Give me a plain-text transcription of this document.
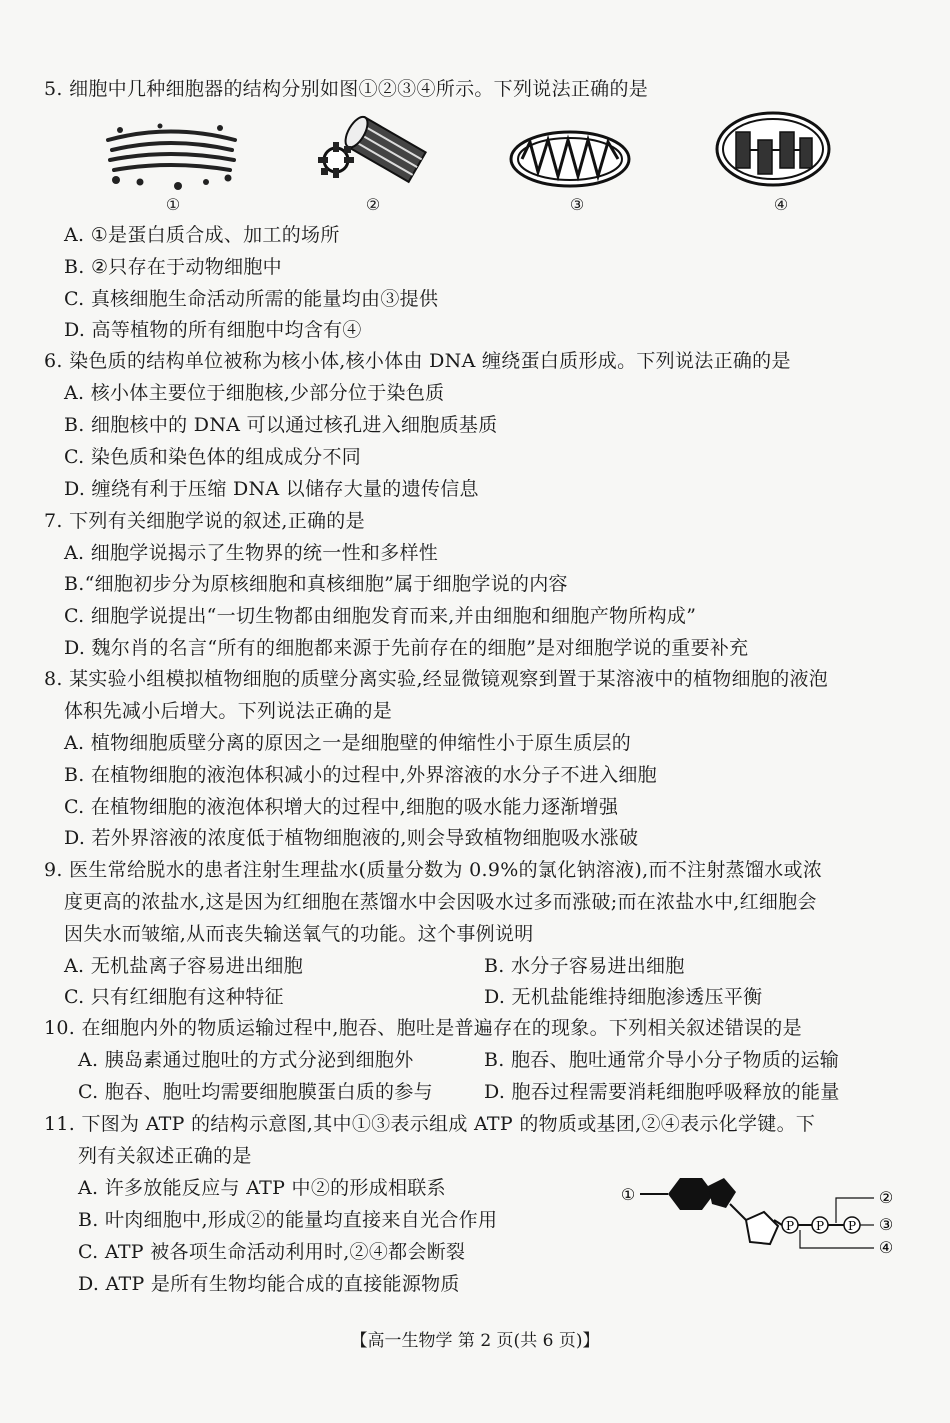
5. 细胞中几种细胞器的结构分别如图①②③④所示。下列说法正确的是
①	②	③	④
A. ①是蛋白质合成、加工的场所
B. ②只存在于动物细胞中
C. 真核细胞生命活动所需的能量均由③提供
D. 高等植物的所有细胞中均含有④
6. 染色质的结构单位被称为核小体,核小体由 DNA 缠绕蛋白质形成。下列说法正确的是
A. 核小体主要位于细胞核,少部分位于染色质
B. 细胞核中的 DNA 可以通过核孔进入细胞质基质
C. 染色质和染色体的组成成分不同
D. 缠绕有利于压缩 DNA 以储存大量的遗传信息
7. 下列有关细胞学说的叙述,正确的是
A. 细胞学说揭示了生物界的统一性和多样性
B.“细胞初步分为原核细胞和真核细胞”属于细胞学说的内容
C. 细胞学说提出“一切生物都由细胞发育而来,并由细胞和细胞产物所构成”
D. 魏尔肖的名言“所有的细胞都来源于先前存在的细胞”是对细胞学说的重要补充
8. 某实验小组模拟植物细胞的质壁分离实验,经显微镜观察到置于某溶液中的植物细胞的液泡
体积先减小后增大。下列说法正确的是
A. 植物细胞质壁分离的原因之一是细胞壁的伸缩性小于原生质层的
B. 在植物细胞的液泡体积减小的过程中,外界溶液的水分子不进入细胞
C. 在植物细胞的液泡体积增大的过程中,细胞的吸水能力逐渐增强
D. 若外界溶液的浓度低于植物细胞液的,则会导致植物细胞吸水涨破
9. 医生常给脱水的患者注射生理盐水(质量分数为 0.9%的氯化钠溶液),而不注射蒸馏水或浓
度更高的浓盐水,这是因为红细胞在蒸馏水中会因吸水过多而涨破;而在浓盐水中,红细胞会
因失水而皱缩,从而丧失输送氧气的功能。这个事例说明
A. 无机盐离子容易进出细胞	B. 水分子容易进出细胞
C. 只有红细胞有这种特征	D. 无机盐能维持细胞渗透压平衡
10. 在细胞内外的物质运输过程中,胞吞、胞吐是普遍存在的现象。下列相关叙述错误的是
A. 胰岛素通过胞吐的方式分泌到细胞外	B. 胞吞、胞吐通常介导小分子物质的运输
C. 胞吞、胞吐均需要细胞膜蛋白质的参与	D. 胞吞过程需要消耗细胞呼吸释放的能量
11. 下图为 ATP 的结构示意图,其中①③表示组成 ATP 的物质或基团,②④表示化学键。下
列有关叙述正确的是
A. 许多放能反应与 ATP 中②的形成相联系
B. 叶肉细胞中,形成②的能量均直接来自光合作用
C. ATP 被各项生命活动利用时,②④都会断裂
D. ATP 是所有生物均能合成的直接能源物质
①
P P P
②
③
④
【高一生物学 第 2 页(共 6 页)】
